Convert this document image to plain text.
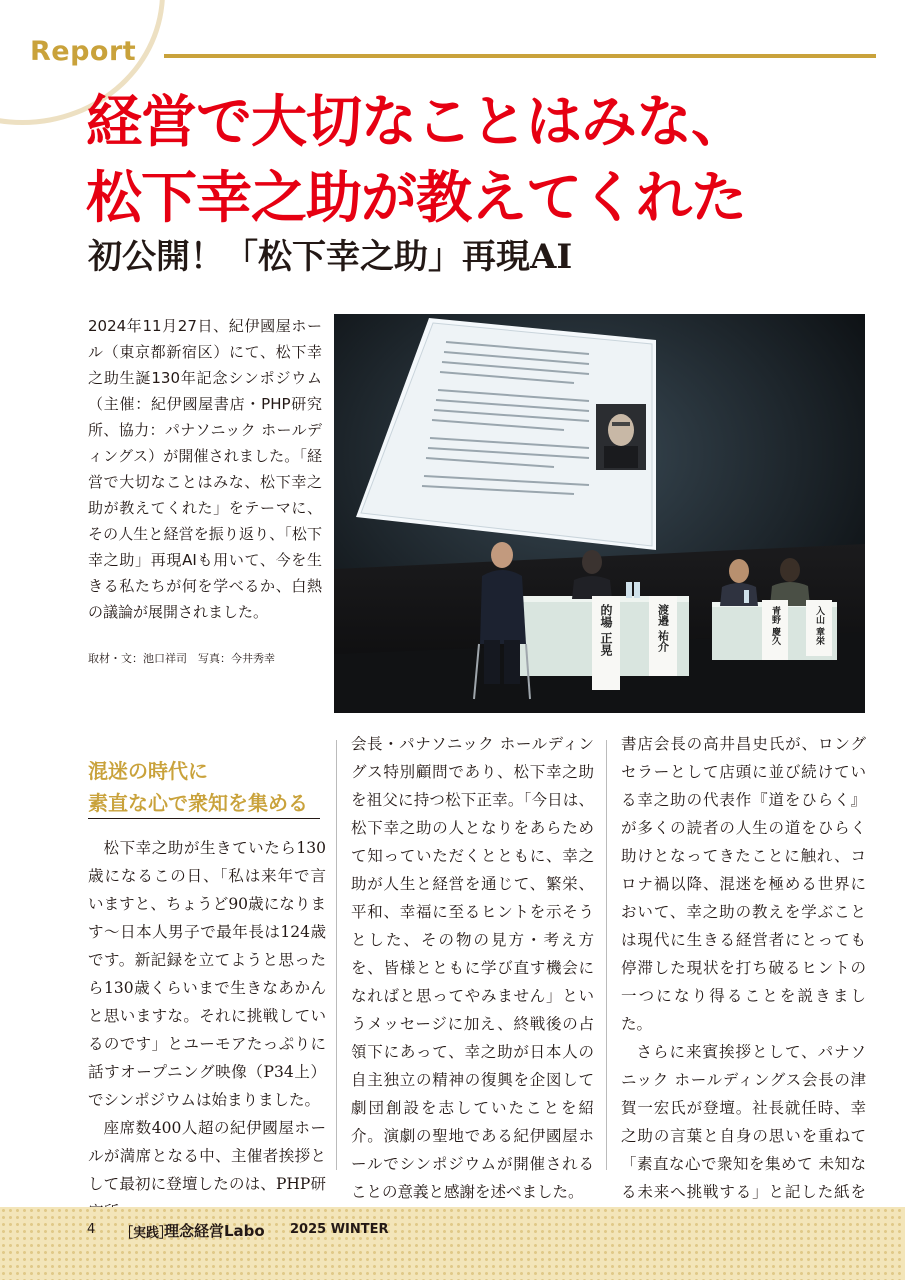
Report
経営で大切なことはみな、
松下幸之助が教えてくれた
初公開！「松下幸之助」再現AI

2024年11月27日、紀伊國屋ホール（東京都新宿区）にて、松下幸之助生誕130年記念シンポジウム（主催：紀伊國屋書店・PHP研究所、協力：パナソニック ホールディングス）が開催されました。「経営で大切なことはみな、松下幸之助が教えてくれた」をテーマに、その人生と経営を振り返り、「松下幸之助」再現AIも用いて、今を生きる私たちが何を学べるか、白熱の議論が展開されました。

取材・文：池口祥司　写真：今井秀幸
的場 正晃	渡邉 祐介	青野 慶久	入山 章栄
混迷の時代に
素直な心で衆知を集める

松下幸之助が生きていたら130歳になるこの日、「私は来年で言いますと、ちょうど90歳になります〜日本人男子で最年長は124歳です。新記録を立てようと思ったら130歳くらいまで生きなあかんと思いますな。それに挑戦しているのです」とユーモアたっぷりに話すオープニング映像（P34上）でシンポジウムは始まりました。

座席数400人超の紀伊國屋ホールが満席となる中、主催者挨拶として最初に登壇したのは、PHP研

会長・パナソニック ホールディングス特別顧問であり、松下幸之助を祖父に持つ松下正幸。「今日は、松下幸之助の人となりをあらためて知っていただくとともに、幸之助が人生と経営を通じて、繁栄、平和、幸福に至るヒントを示そうとした、その物の見方・考え方を、皆様とともに学び直す機会になればと思ってやみません」というメッセージに加え、終戦後の占領下にあって、幸之助が日本人の自主独立の精神の復興を企図して劇団創設を志していたことを紹介。演劇の聖地である紀伊國屋ホールでシンポジウムが開催されることの意義と感謝を述べました。

書店会長の高井昌史氏が、ロングセラーとして店頭に並び続けている幸之助の代表作『道をひらく』が多くの読者の人生の道をひらく助けとなってきたことに触れ、コロナ禍以降、混迷を極める世界において、幸之助の教えを学ぶことは現代に生きる経営者にとっても停滞した現状を打ち破るヒントの一つになり得ることを説きました。

さらに来賓挨拶として、パナソニック ホールディングス会長の津賀一宏氏が登壇。社長就任時、幸之助の言葉と自身の思いを重ねて「素直な心で衆知を集めて 未知なる未来へ挑戦する」と記した紙を

4 ［実践］
理念経営Labo 2025 WINTER
